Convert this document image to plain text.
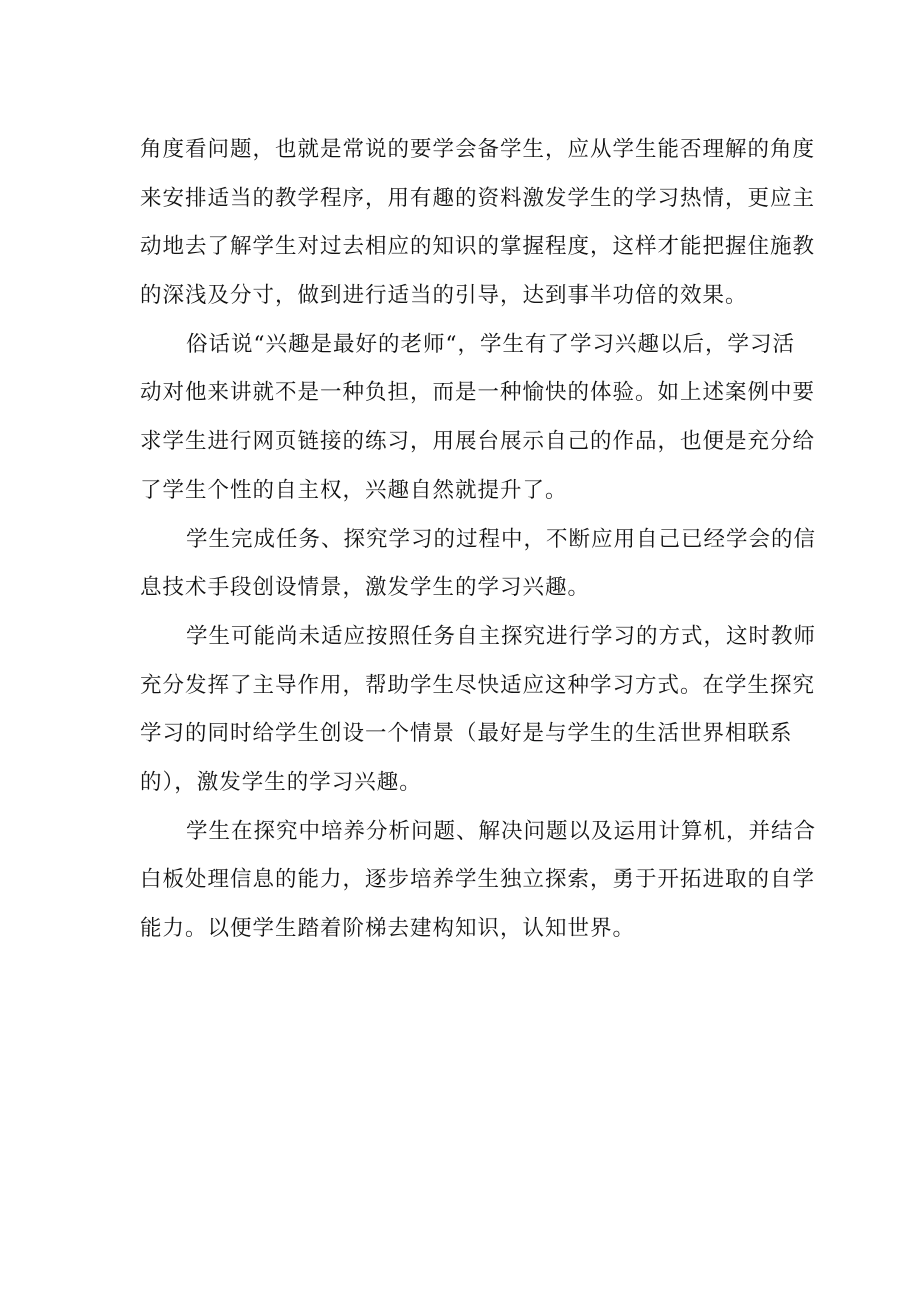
角度看问题，也就是常说的要学会备学生，应从学生能否理解的角度
来安排适当的教学程序，用有趣的资料激发学生的学习热情，更应主
动地去了解学生对过去相应的知识的掌握程度，这样才能把握住施教
的深浅及分寸，做到进行适当的引导，达到事半功倍的效果。
俗话说“兴趣是最好的老师“，学生有了学习兴趣以后，学习活
动对他来讲就不是一种负担，而是一种愉快的体验。如上述案例中要
求学生进行网页链接的练习，用展台展示自己的作品，也便是充分给
了学生个性的自主权，兴趣自然就提升了。
学生完成任务、探究学习的过程中，不断应用自己已经学会的信
息技术手段创设情景，激发学生的学习兴趣。
学生可能尚未适应按照任务自主探究进行学习的方式，这时教师
充分发挥了主导作用，帮助学生尽快适应这种学习方式。在学生探究
学习的同时给学生创设一个情景（最好是与学生的生活世界相联系
的），激发学生的学习兴趣。
学生在探究中培养分析问题、解决问题以及运用计算机，并结合
白板处理信息的能力，逐步培养学生独立探索，勇于开拓进取的自学
能力。以便学生踏着阶梯去建构知识，认知世界。
